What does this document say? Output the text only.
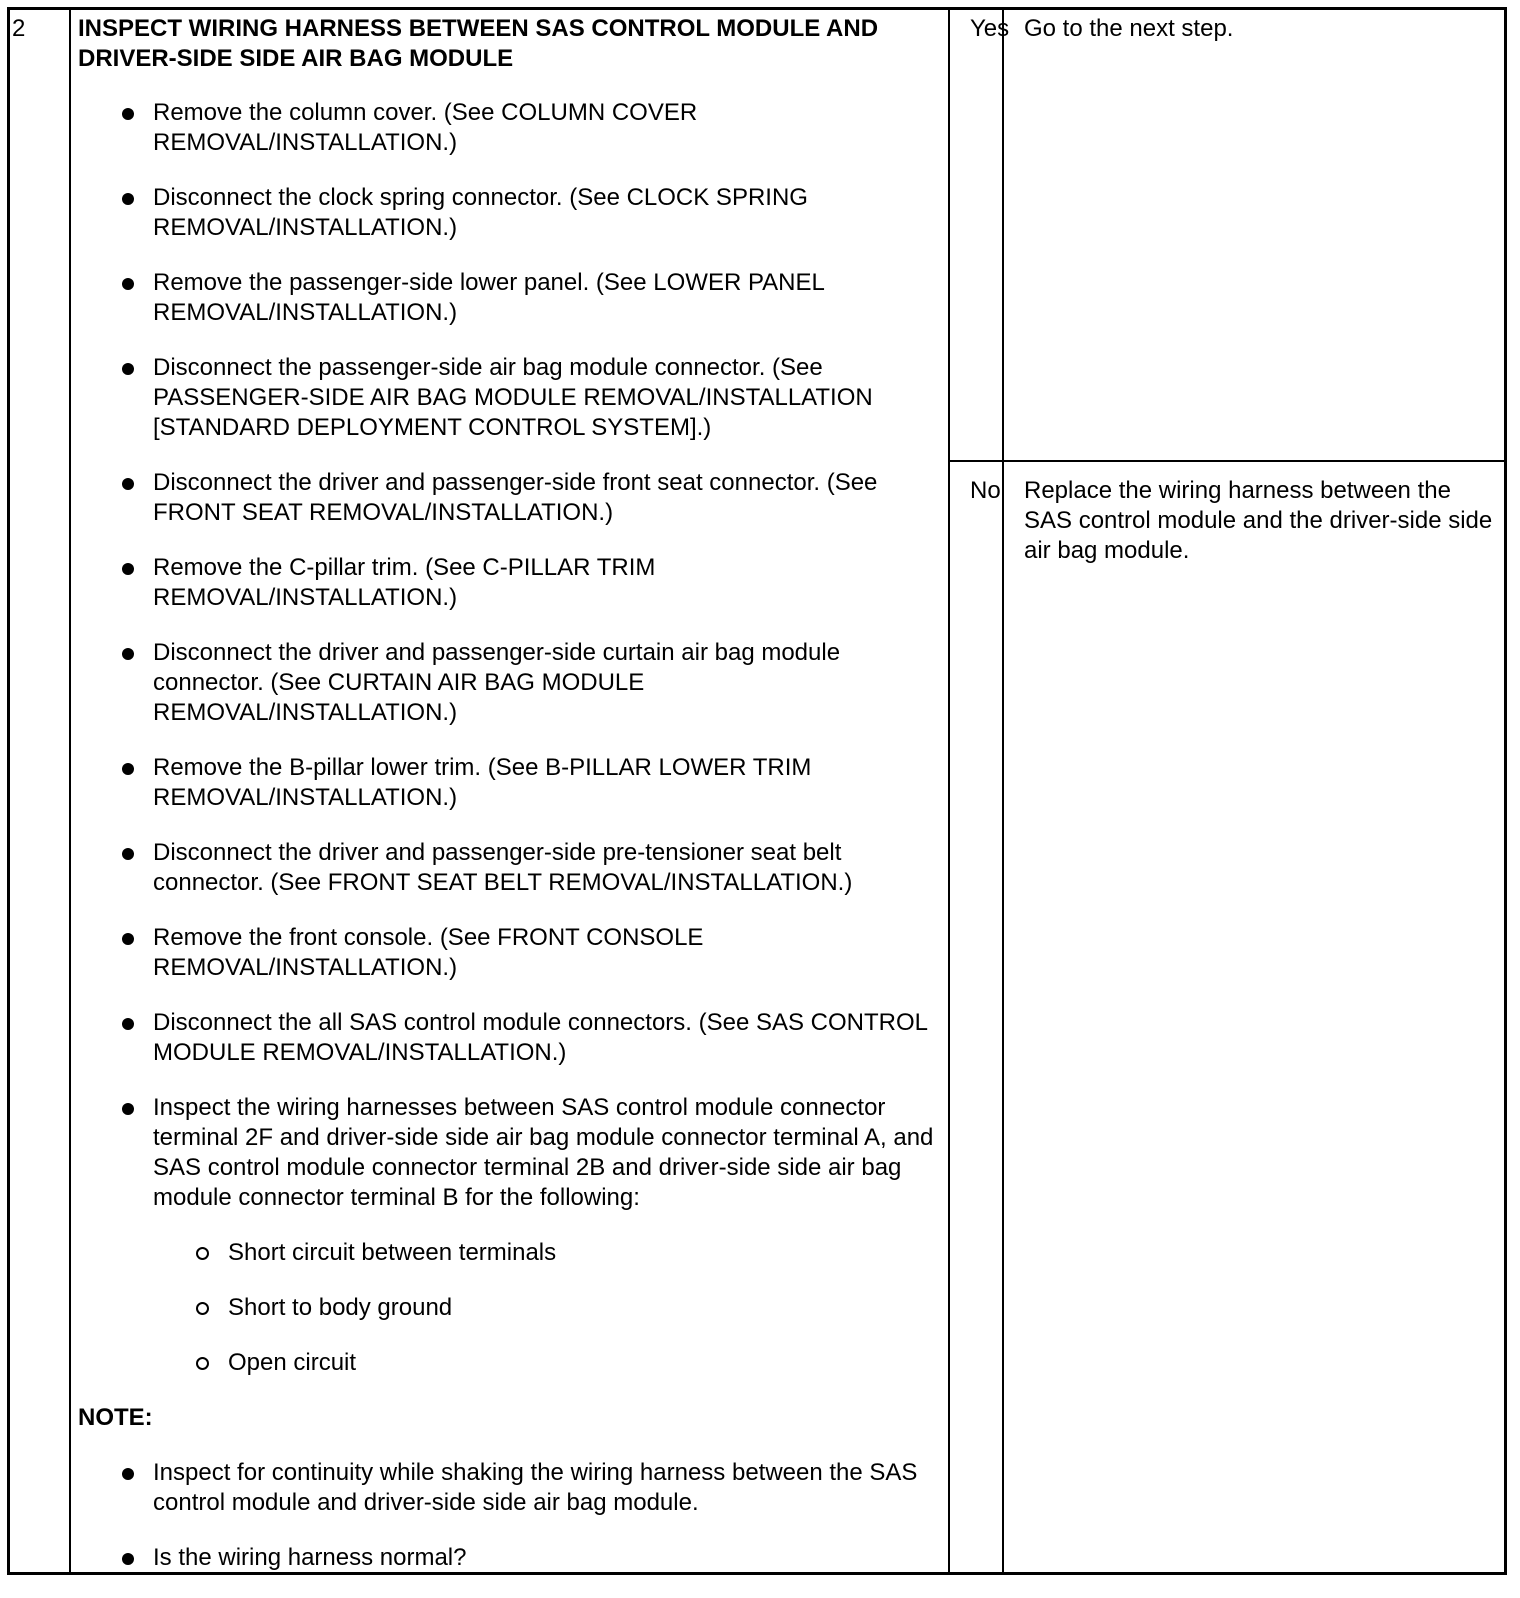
2 INSPECT WIRING HARNESS BETWEEN SAS CONTROL MODULE AND DRIVER-SIDE SIDE AIR BAG MODULE
Remove the column cover. (See COLUMN COVER REMOVAL/INSTALLATION.)
Disconnect the clock spring connector. (See CLOCK SPRING REMOVAL/INSTALLATION.)
Remove the passenger-side lower panel. (See LOWER PANEL REMOVAL/INSTALLATION.)
Disconnect the passenger-side air bag module connector. (See PASSENGER-SIDE AIR BAG MODULE REMOVAL/INSTALLATION [STANDARD DEPLOYMENT CONTROL SYSTEM].)
Disconnect the driver and passenger-side front seat connector. (See FRONT SEAT REMOVAL/INSTALLATION.)
Remove the C-pillar trim. (See C-PILLAR TRIM REMOVAL/INSTALLATION.)
Disconnect the driver and passenger-side curtain air bag module connector. (See CURTAIN AIR BAG MODULE REMOVAL/INSTALLATION.)
Remove the B-pillar lower trim. (See B-PILLAR LOWER TRIM REMOVAL/INSTALLATION.)
Disconnect the driver and passenger-side pre-tensioner seat belt connector. (See FRONT SEAT BELT REMOVAL/INSTALLATION.)
Remove the front console. (See FRONT CONSOLE REMOVAL/INSTALLATION.)
Disconnect the all SAS control module connectors. (See SAS CONTROL MODULE REMOVAL/INSTALLATION.)
Inspect the wiring harnesses between SAS control module connector terminal 2F and driver-side side air bag module connector terminal A, and SAS control module connector terminal 2B and driver-side side air bag module connector terminal B for the following:
Short circuit between terminals
Short to body ground
Open circuit
NOTE:
Inspect for continuity while shaking the wiring harness between the SAS control module and driver-side side air bag module.
Is the wiring harness normal?
Yes Go to the next step.
No Replace the wiring harness between the SAS control module and the driver-side side air bag module.
